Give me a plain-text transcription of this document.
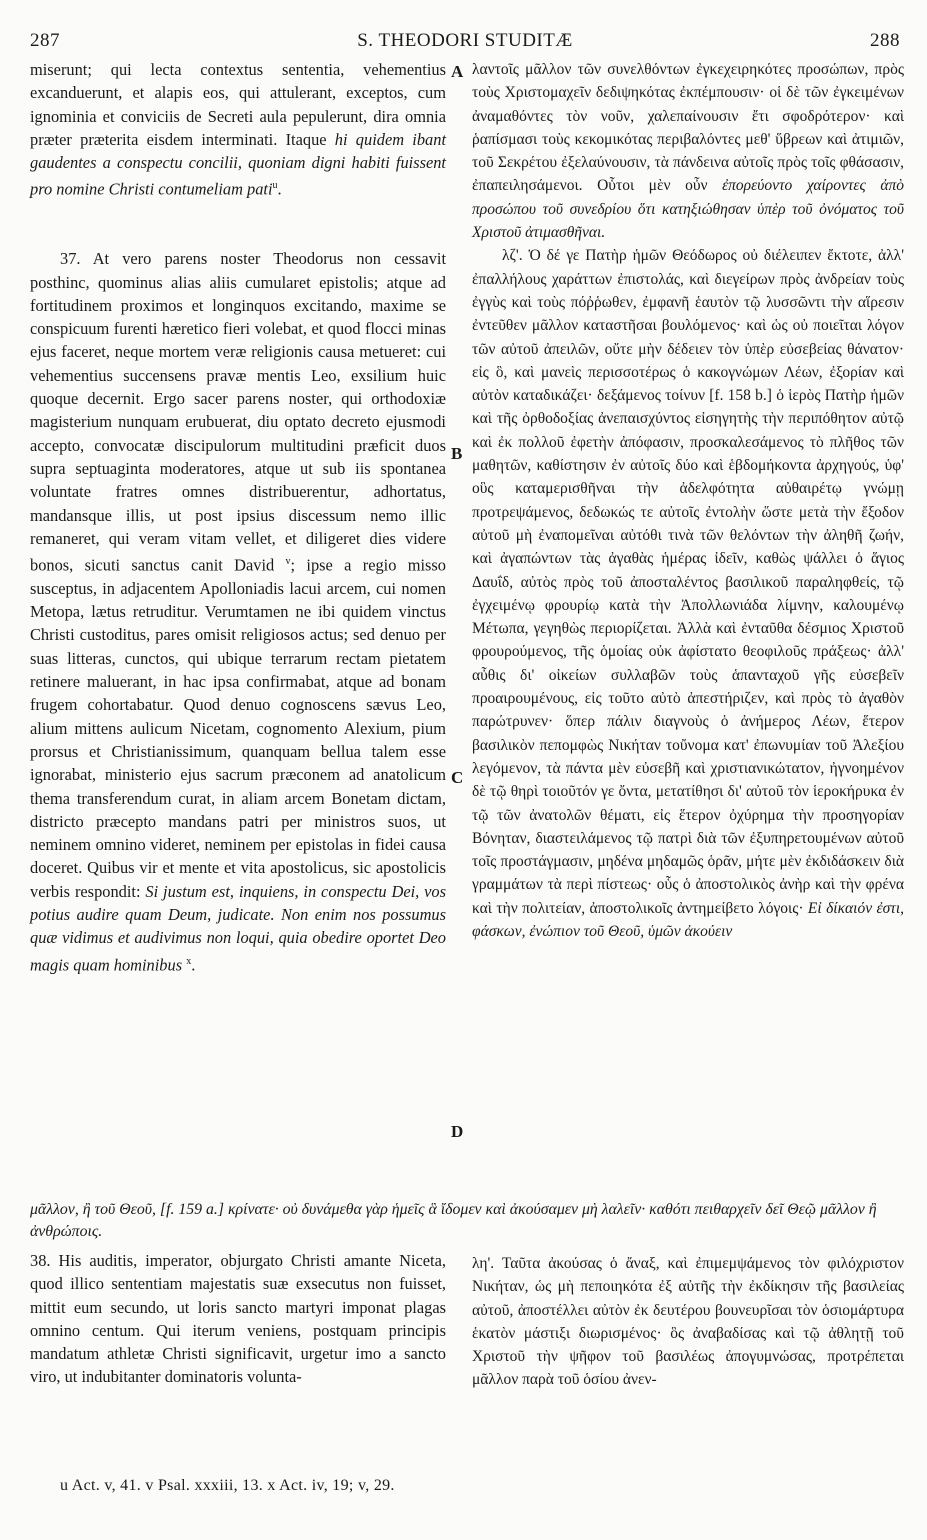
287	S. THEODORI STUDITÆ	288

miserunt; qui lecta contextus sententia, vehementius excanduerunt, et alapis eos, qui attulerant, exceptos, cum ignominia et conviciis de Secreti aula pepulerunt, dira omnia præter præterita eisdem interminati. Itaque hi quidem ibant gaudentes a conspectu concilii, quoniam digni habiti fuissent pro nomine Christi contumeliam pati$^u$.

37. At vero parens noster Theodorus non cessavit posthinc, quominus alias aliis cumularet epistolis; atque ad fortitudinem proximos et longinquos excitando, maxime se conspicuum furenti hæretico fieri volebat, et quod flocci minas ejus faceret, neque mortem veræ religionis causa metueret: cui vehementius succensens pravæ mentis Leo, exsilium huic quoque decernit. Ergo sacer parens noster, qui orthodoxiæ magisterium nunquam erubuerat, diu optato decreto ejusmodi accepto, convocatæ discipulorum multitudini præficit duos supra septuaginta moderatores, atque ut sub iis spontanea voluntate fratres omnes distribuerentur, adhortatus, mandansque illis, ut post ipsius discessum nemo illic remaneret, qui veram vitam vellet, et diligeret dies videre bonos, sicuti sanctus canit David $^v$; ipse a regio misso susceptus, in adjacentem Apolloniadis lacui arcem, cui nomen Metopa, lætus retruditur. Verumtamen ne ibi quidem vinctus Christi custoditus, pares omisit religiosos actus; sed denuo per suas litteras, cunctos, qui ubique terrarum rectam pietatem retinere maluerant, in hac ipsa confirmabat, atque ad bonam frugem cohortabatur. Quod denuo cognoscens sævus Leo, alium mittens aulicum Nicetam, cognomento Alexium, pium prorsus et Christianissimum, quanquam bellua talem esse ignorabat, ministerio ejus sacrum præconem ad anatolicum thema transferendum curat, in aliam arcem Bonetam dictam, districto præcepto mandans patri per ministros suos, ut neminem omnino videret, neminem per epistolas in fidei causa doceret. Quibus vir et mente et vita apostolicus, sic apostolicis verbis respondit: Si justum est, inquiens, in conspectu Dei, vos potius audire quam Deum, judicate. Non enim nos possumus quæ vidimus et audivimus non loqui, quia obedire oportet Deo magis quam hominibus $^x$.

λαντοῖς μᾶλλον τῶν συνελθόντων ἐγκεχειρηκότες προσώπων, πρὸς τοὺς Χριστομαχεῖν δεδιψηκότας ἐκπέμπουσιν· οἱ δὲ τῶν ἐγκειμένων ἀναμαθόντες τὸν νοῦν, χαλεπαίνουσιν ἔτι σφοδρότερον· καὶ ῥαπίσμασι τοὺς κεκομικότας περιβαλόντες μεθ' ὕβρεων καὶ ἀτιμιῶν, τοῦ Σεκρέτου ἐξελαύνουσιν, τὰ πάνδεινα αὐτοῖς πρὸς τοῖς φθάσασιν, ἐπαπειλησάμενοι. Οὗτοι μὲν οὖν ἐπορεύοντο χαίροντες ἀπὸ προσώπου τοῦ συνεδρίου ὅτι κατηξιώθησαν ὑπὲρ τοῦ ὀνόματος τοῦ Χριστοῦ ἀτιμασθῆναι.

λζ'. Ὁ δέ γε Πατὴρ ἡμῶν Θεόδωρος οὐ διέλειπεν ἔκτοτε, ἀλλ' ἐπαλλήλους χαράττων ἐπιστολάς, καὶ διεγείρων πρὸς ἀνδρείαν τοὺς ἐγγὺς καὶ τοὺς πόῤῥωθεν, ἐμφανῆ ἑαυτὸν τῷ λυσσῶντι τὴν αἵρεσιν ἐντεῦθεν μᾶλλον καταστῆσαι βουλόμενος· καὶ ὡς οὐ ποιεῖται λόγον τῶν αὐτοῦ ἀπειλῶν, οὔτε μὴν δέδειεν τὸν ὑπὲρ εὐσεβείας θάνατον· εἰς ὃ, καὶ μανεὶς περισσοτέρως ὁ κακογνώμων Λέων, ἐξορίαν καὶ αὐτὸν καταδικάζει· δεξάμενος τοίνυν [f. 158 b.] ὁ ἱερὸς Πατὴρ ἡμῶν καὶ τῆς ὀρθοδοξίας ἀνεπαισχύντος εἰσηγητὴς τὴν περιπόθητον αὐτῷ καὶ ἐκ πολλοῦ ἐφετὴν ἀπόφασιν, προσκαλεσάμενος τὸ πλῆθος τῶν μαθητῶν, καθίστησιν ἐν αὐτοῖς δύο καὶ ἑβδομήκοντα ἀρχηγούς, ὑφ' οὓς καταμερισθῆναι τὴν ἀδελφότητα αὐθαιρέτῳ γνώμῃ προτρεψάμενος, δεδωκώς τε αὐτοῖς ἐντολὴν ὥστε μετὰ τὴν ἔξοδον αὐτοῦ μὴ ἐναπομεῖναι αὐτόθι τινὰ τῶν θελόντων τὴν ἀληθῆ ζωήν, καὶ ἀγαπώντων τὰς ἀγαθὰς ἡμέρας ἰδεῖν, καθὼς ψάλλει ὁ ἅγιος Δαυΐδ, αὐτὸς πρὸς τοῦ ἀποσταλέντος βασιλικοῦ παραληφθείς, τῷ ἐγχειμένῳ φρουρίῳ κατὰ τὴν Ἀπολλωνιάδα λίμνην, καλουμένῳ Μέτωπα, γεγηθὼς περιορίζεται. Ἀλλὰ καὶ ἐνταῦθα δέσμιος Χριστοῦ φρουρούμενος, τῆς ὁμοίας οὐκ ἀφίστατο θεοφιλοῦς πράξεως· ἀλλ' αὖθις δι' οἰκείων συλλαβῶν τοὺς ἁπανταχοῦ γῆς εὐσεβεῖν προαιρουμένους, εἰς τοῦτο αὐτὸ ἀπεστήριζεν, καὶ πρὸς τὸ ἀγαθὸν παρώτρυνεν· ὅπερ πάλιν διαγνοὺς ὁ ἀνήμερος Λέων, ἕτερον βασιλικὸν πεπομφὼς Νικήταν τοὔνομα κατ' ἐπωνυμίαν τοῦ Ἀλεξίου λεγόμενον, τὰ πάντα μὲν εὐσεβῆ καὶ χριστιανικώτατον, ἠγνοημένον δὲ τῷ θηρὶ τοιοῦτόν γε ὄντα, μετατίθησι δι' αὐτοῦ τὸν ἱεροκήρυκα ἐν τῷ τῶν ἀνατολῶν θέματι, εἰς ἕτερον ὀχύρημα τὴν προσηγορίαν Βόνηταν, διαστειλάμενος τῷ πατρὶ διὰ τῶν ἐξυπηρετουμένων αὐτοῦ τοῖς προστάγμασιν, μηδένα μηδαμῶς ὁρᾶν, μήτε μὲν ἐκδιδάσκειν διὰ γραμμάτων τὰ περὶ πίστεως· οὗς ὁ ἀποστολικὸς ἀνὴρ καὶ τὴν φρένα καὶ τὴν πολιτείαν, ἀποστολικοῖς ἀντημείβετο λόγοις· Εἰ δίκαιόν ἐστι, φάσκων, ἐνώπιον τοῦ Θεοῦ, ὑμῶν ἀκούειν

A
B
C
D
μᾶλλον, ἢ τοῦ Θεοῦ, [f. 159 a.] κρίνατε· οὐ δυνάμεθα γὰρ ἡμεῖς ἃ ἴδομεν καὶ ἀκούσαμεν μὴ λαλεῖν· καθότι πειθαρχεῖν δεῖ Θεῷ μᾶλλον ἢ ἀνθρώποις.
38. His auditis, imperator, objurgato Christi amante Niceta, quod illico sententiam majestatis suæ exsecutus non fuisset, mittit eum secundo, ut loris sancto martyri imponat plagas omnino centum. Qui iterum veniens, postquam principis mandatum athletæ Christi significavit, urgetur imo a sancto viro, ut indubitanter dominatoris volunta-
λη'. Ταῦτα ἀκούσας ὁ ἄναξ, καὶ ἐπιμεμψάμενος τὸν φιλόχριστον Νικήταν, ὡς μὴ πεποιηκότα ἐξ αὐτῆς τὴν ἐκδίκησιν τῆς βασιλείας αὐτοῦ, ἀποστέλλει αὐτὸν ἐκ δευτέρου βουνευρῖσαι τὸν ὁσιομάρτυρα ἑκατὸν μάστιξι διωρισμένος· ὃς ἀναβαδίσας καὶ τῷ ἀθλητῇ τοῦ Χριστοῦ τὴν ψῆφον τοῦ βασιλέως ἀπογυμνώσας, προτρέπεται μᾶλλον παρὰ τοῦ ὁσίου ἀνεν-
u Act. v, 41. v Psal. xxxiii, 13. x Act. iv, 19; v, 29.
